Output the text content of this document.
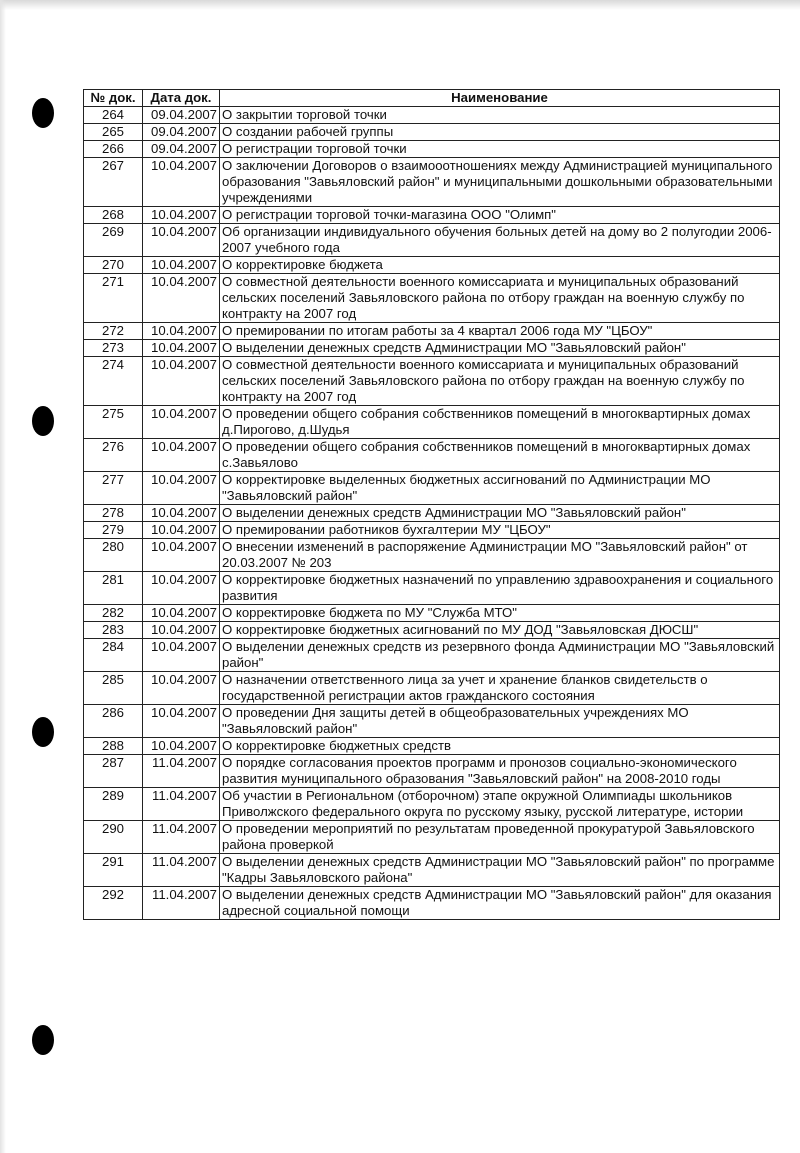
№ док.	Дата док.	Наименование
264	09.04.2007	О закрытии торговой точки
265	09.04.2007	О создании рабочей группы
266	09.04.2007	О регистрации торговой точки
267	10.04.2007	О заключении Договоров о взаимооотношениях между Администрацией муниципального образования "Завьяловский район" и муниципальными дошкольными образовательными учреждениями
268	10.04.2007	О регистрации торговой точки-магазина ООО "Олимп"
269	10.04.2007	Об организации индивидуального обучения больных детей на дому во 2 полугодии 2006-2007 учебного года
270	10.04.2007	О корректировке бюджета
271	10.04.2007	О совместной деятельности военного комиссариата и муниципальных образований сельских поселений Завьяловского района по отбору граждан на военную службу по контракту на 2007 год
272	10.04.2007	О премировании по итогам работы за 4 квартал 2006 года МУ "ЦБОУ"
273	10.04.2007	О выделении денежных средств Администрации МО "Завьяловский район"
274	10.04.2007	О совместной деятельности военного комиссариата и муниципальных образований сельских поселений Завьяловского района по отбору граждан на военную службу по контракту на 2007 год
275	10.04.2007	О проведении общего собрания собственников помещений в многоквартирных домах д.Пирогово, д.Шудья
276	10.04.2007	О проведении общего собрания собственников помещений в многоквартирных домах с.Завьялово
277	10.04.2007	О корректировке выделенных бюджетных ассигнований по Администрации МО "Завьяловский район"
278	10.04.2007	О выделении денежных средств Администрации МО "Завьяловский район"
279	10.04.2007	О премировании работников бухгалтерии МУ "ЦБОУ"
280	10.04.2007	О внесении изменений в распоряжение Администрации МО "Завьяловский район" от 20.03.2007 № 203
281	10.04.2007	О корректировке бюджетных назначений по управлению здравоохранения и социального развития
282	10.04.2007	О корректировке бюджета по МУ "Служба МТО"
283	10.04.2007	О корректировке бюджетных асигнований по МУ ДОД "Завьяловская ДЮСШ"
284	10.04.2007	О выделении денежных средств из резервного фонда Администрации МО "Завьяловский район"
285	10.04.2007	О назначении ответственного лица за учет и хранение бланков свидетельств о государственной регистрации актов гражданского состояния
286	10.04.2007	О проведении Дня защиты детей в общеобразовательных учреждениях МО "Завьяловский район"
288	10.04.2007	О корректировке бюджетных средств
287	11.04.2007	О порядке согласования проектов программ и пронозов социально-экономического развития муниципального образования "Завьяловский район" на 2008-2010 годы
289	11.04.2007	Об участии в Региональном (отборочном) этапе окружной Олимпиады школьников Приволжского федерального округа по русскому языку, русской литературе, истории
290	11.04.2007	О проведении мероприятий по результатам проведенной прокуратурой Завьяловского района проверкой
291	11.04.2007	О выделении денежных средств Администрации МО "Завьяловский район" по программе "Кадры Завьяловского района"
292	11.04.2007	О выделении денежных средств Администрации МО "Завьяловский район" для оказания адресной социальной помощи
